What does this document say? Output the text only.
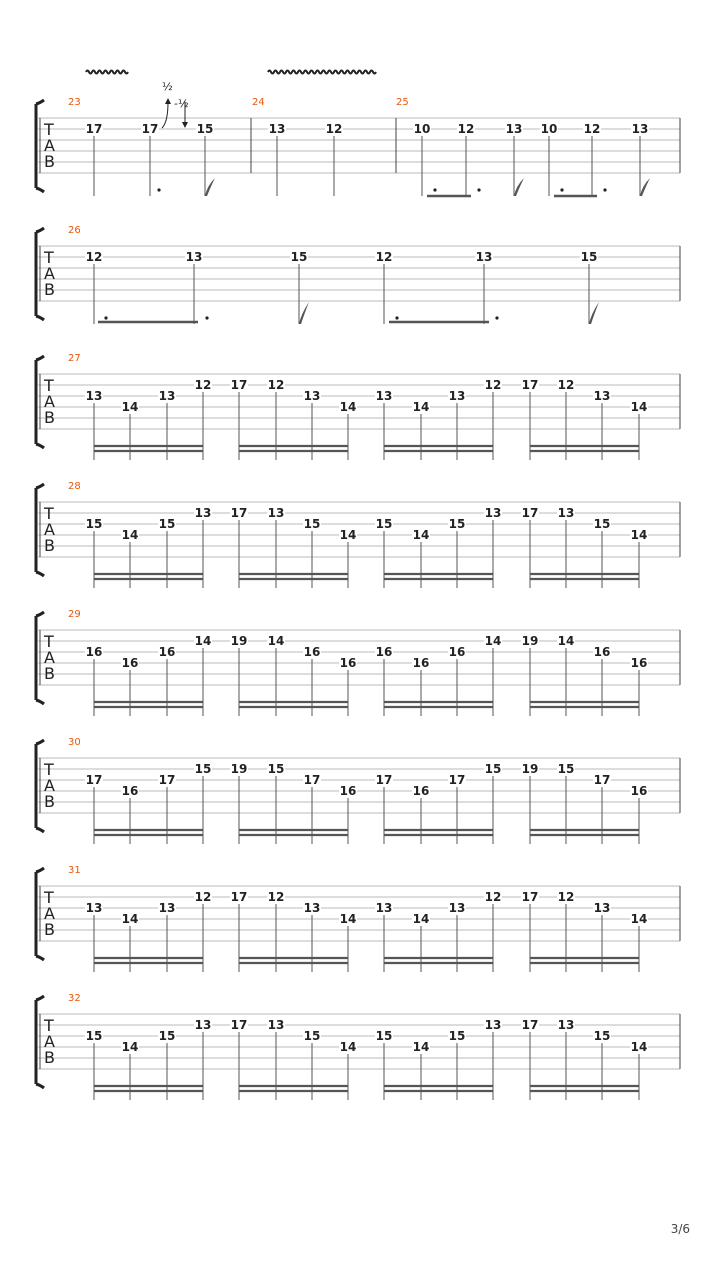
T
A
B
23	24	25
17	17	15	13	12	10 12	13 10 12	13
T
A
B
26
12	13	15	12	13	15
T
A
B
27
13
14
13
12 17 12
13
14
13
14
13
12 17 12
13
14
T
A
B
28
15
14
15
13 17 13
15
14
15
14
15
13 17 13
15
14
T
A
B
29
16
16
16
14 19 14
16
16
16
16
16
14 19 14
16
16
T
A
B
30
17
16
17
15 19 15
17
16
17
16
17
15 19 15
17
16
T
A
B
31
13
14
13
12 17 12
13
14
13
14
13
12 17 12
13
14
T
A
B
32
15
14
15
13 17 13
15
14
15
14
15
13 17 13
15
14
½
-½
3/6
